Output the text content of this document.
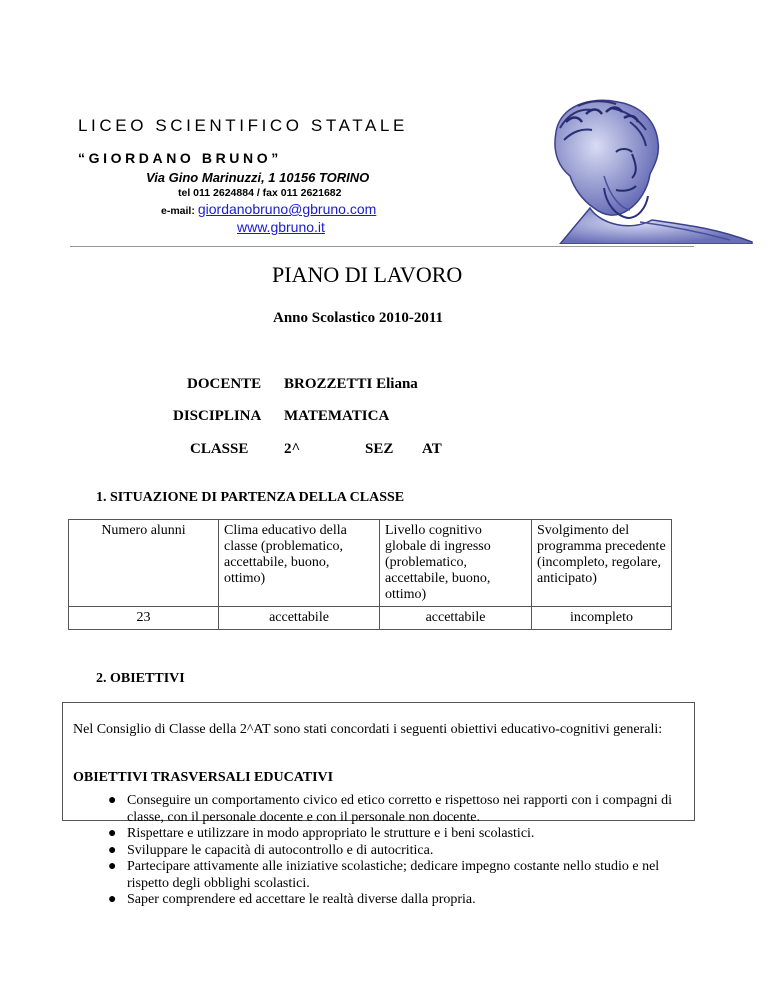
LICEO SCIENTIFICO STATALE
“GIORDANO BRUNO”
Via Gino Marinuzzi, 1 10156 TORINO
tel 011 2624884 / fax 011 2621682
e-mail: giordanobruno@gbruno.com
www.gbruno.it
PIANO DI LAVORO
Anno Scolastico 2010-2011
DOCENTE BROZZETTI Eliana
DISCIPLINA MATEMATICA
CLASSE 2^	SEZ AT
1. SITUAZIONE DI PARTENZA DELLA CLASSE
Numero alunni	Clima educativo della classe (problematico, accettabile, buono, ottimo)	Livello cognitivo globale di ingresso (problematico, accettabile, buono, ottimo)	Svolgimento del programma precedente (incompleto, regolare, anticipato)
23	accettabile	accettabile	incompleto
2. OBIETTIVI
Nel Consiglio di Classe della 2^AT sono stati concordati i seguenti obiettivi educativo-cognitivi generali:
OBIETTIVI TRASVERSALI EDUCATIVI
● Conseguire un comportamento civico ed etico corretto e rispettoso nei rapporti con i compagni di classe, con il personale docente e con il personale non docente.
● Rispettare e utilizzare in modo appropriato le strutture e i beni scolastici.
● Sviluppare le capacità di autocontrollo e di autocritica.
● Partecipare attivamente alle iniziative scolastiche; dedicare impegno costante nello studio e nel rispetto degli obblighi scolastici.
● Saper comprendere ed accettare le realtà diverse dalla propria.
